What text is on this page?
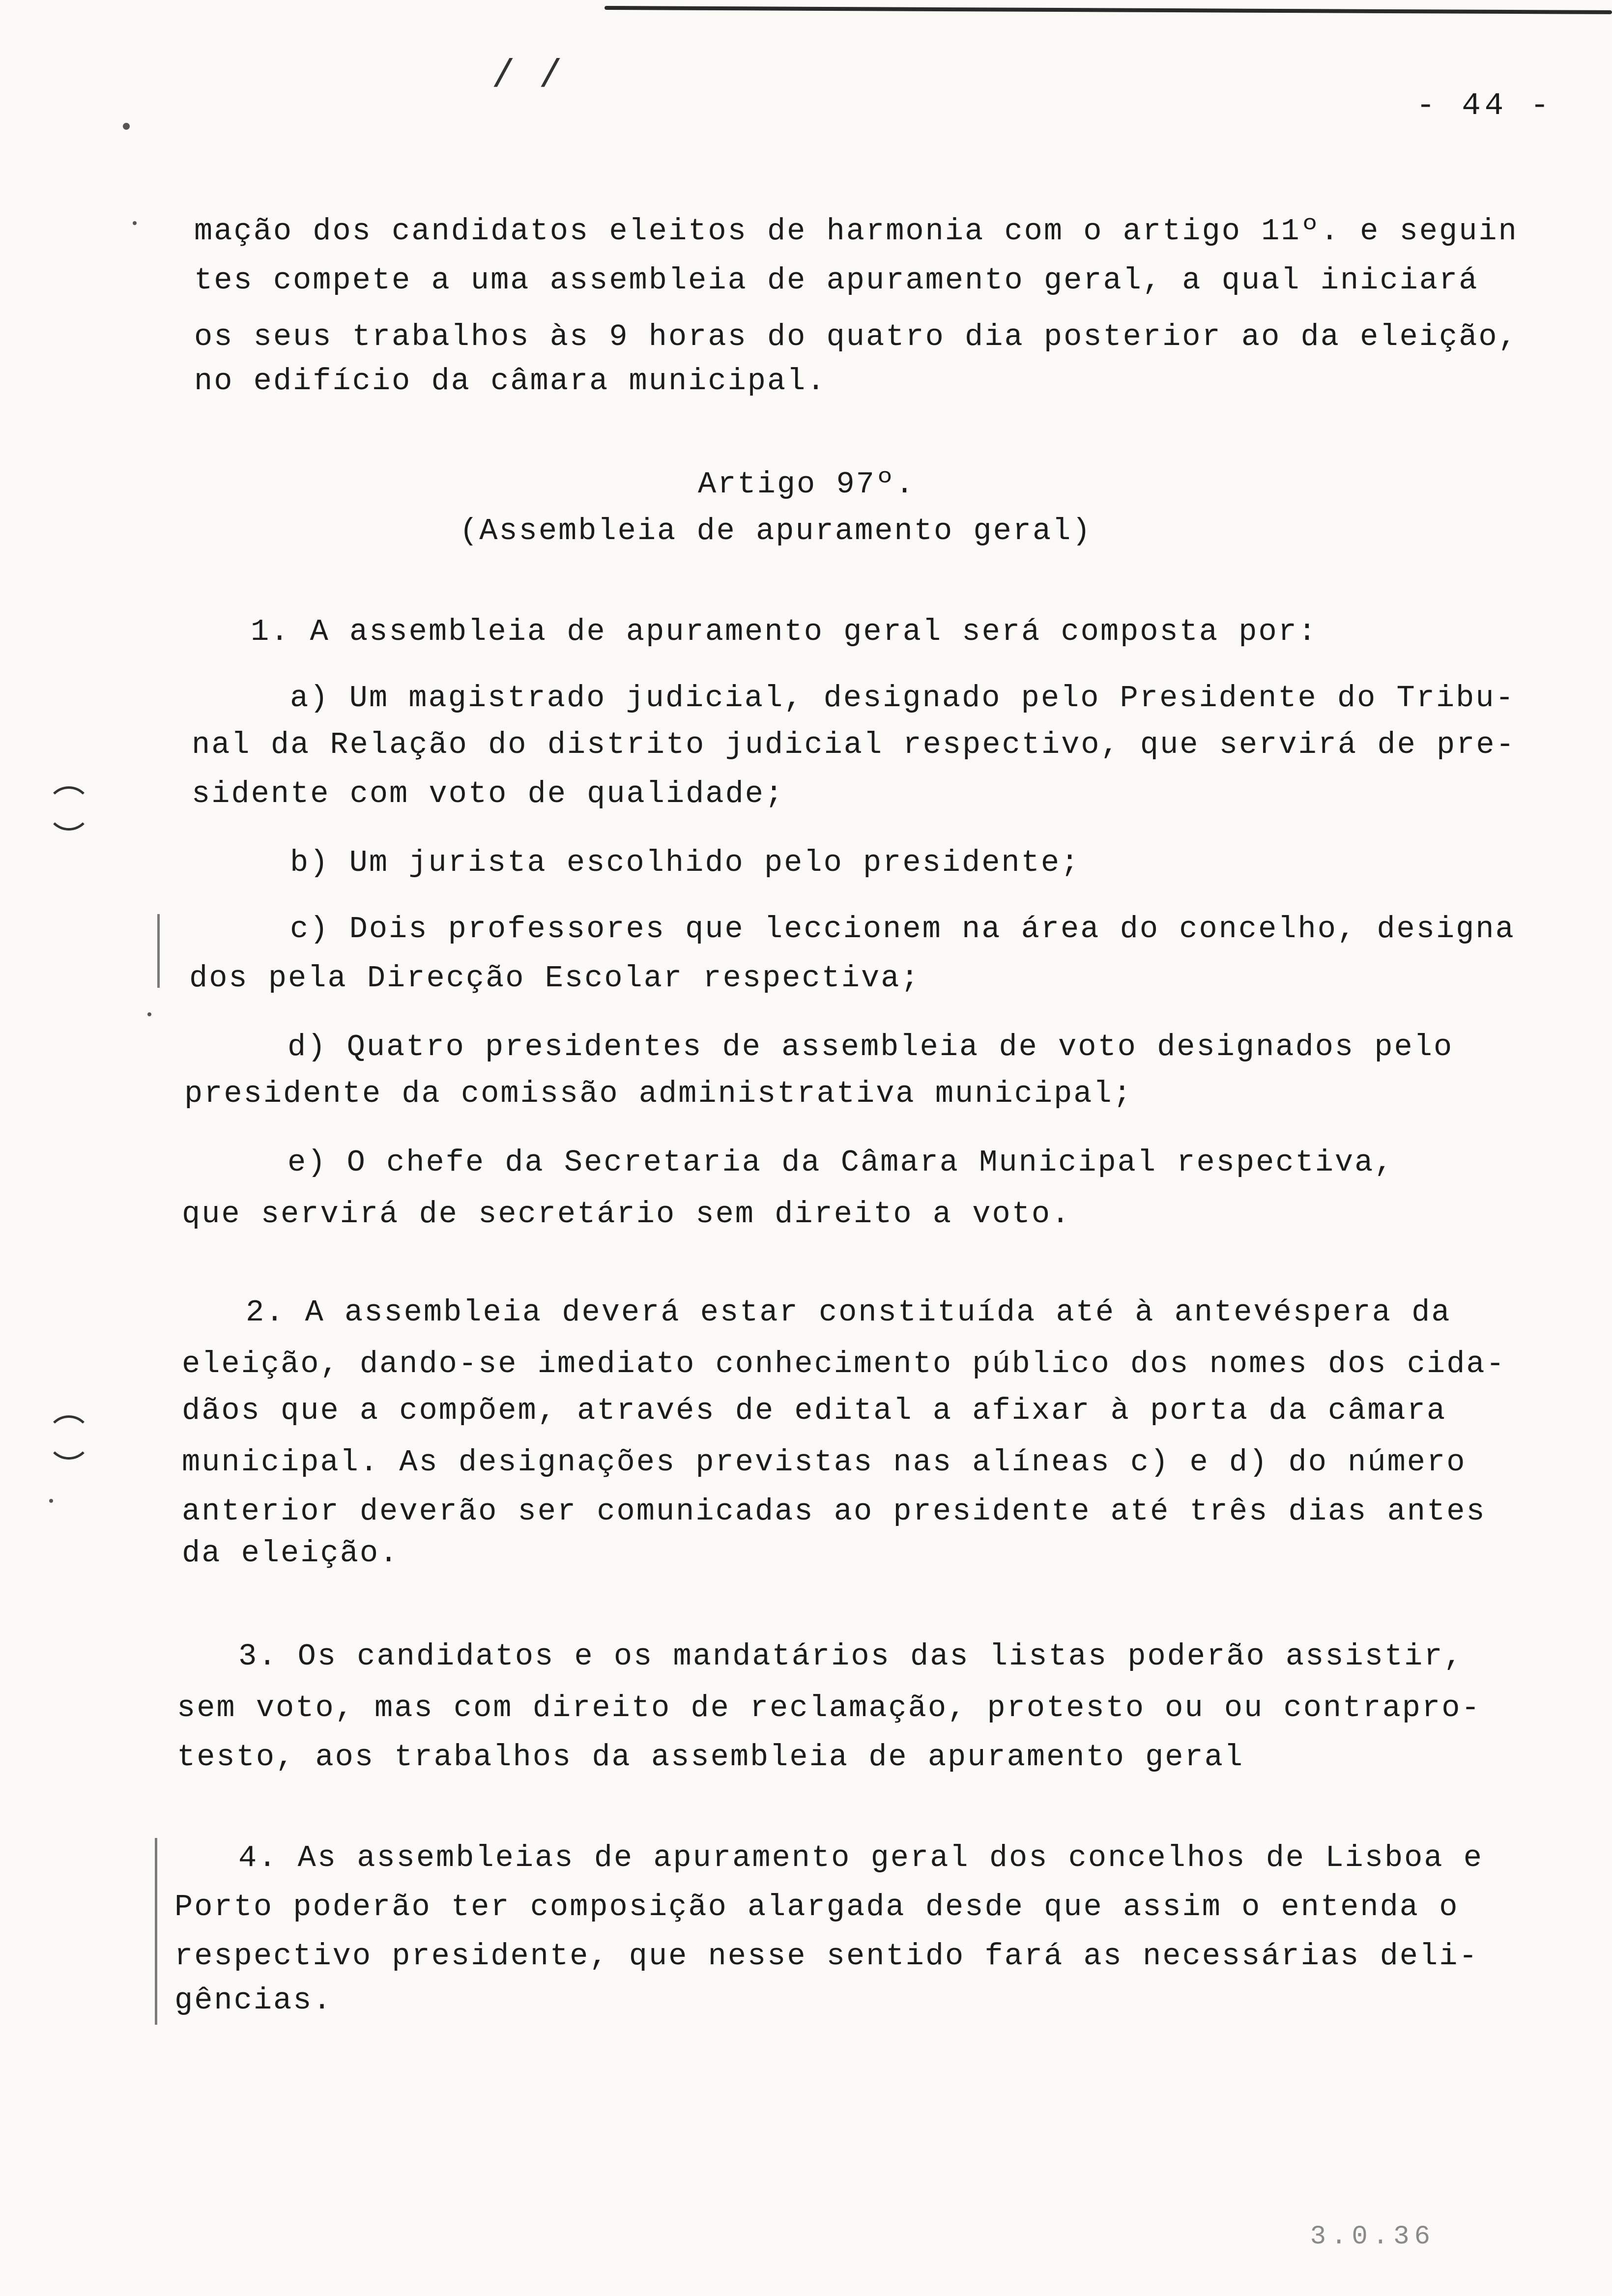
- 44 -
/ /
mação dos candidatos eleitos de harmonia com o artigo 11º. e seguin
tes compete a uma assembleia de apuramento geral, a qual iniciará
os seus trabalhos às 9 horas do quatro dia posterior ao da eleição,
no edifício da câmara municipal.
Artigo 97º.
(Assembleia de apuramento geral)
1. A assembleia de apuramento geral será composta por:
a) Um magistrado judicial, designado pelo Presidente do Tribu-
nal da Relação do distrito judicial respectivo, que servirá de pre-
sidente com voto de qualidade;
b) Um jurista escolhido pelo presidente;
c) Dois professores que leccionem na área do concelho, designa
dos pela Direcção Escolar respectiva;
d) Quatro presidentes de assembleia de voto designados pelo
presidente da comissão administrativa municipal;
e) O chefe da Secretaria da Câmara Municipal respectiva,
que servirá de secretário sem direito a voto.
2. A assembleia deverá estar constituída até à antevéspera da
eleição, dando-se imediato conhecimento público dos nomes dos cida-
dãos que a compõem, através de edital a afixar à porta da câmara
municipal. As designações previstas nas alíneas c) e d) do número
anterior deverão ser comunicadas ao presidente até três dias antes
da eleição.
3. Os candidatos e os mandatários das listas poderão assistir,
sem voto, mas com direito de reclamação, protesto ou ou contrapro-
testo, aos trabalhos da assembleia de apuramento geral
4. As assembleias de apuramento geral dos concelhos de Lisboa e
Porto poderão ter composição alargada desde que assim o entenda o
respectivo presidente, que nesse sentido fará as necessárias deli-
gências.
3.0.36
